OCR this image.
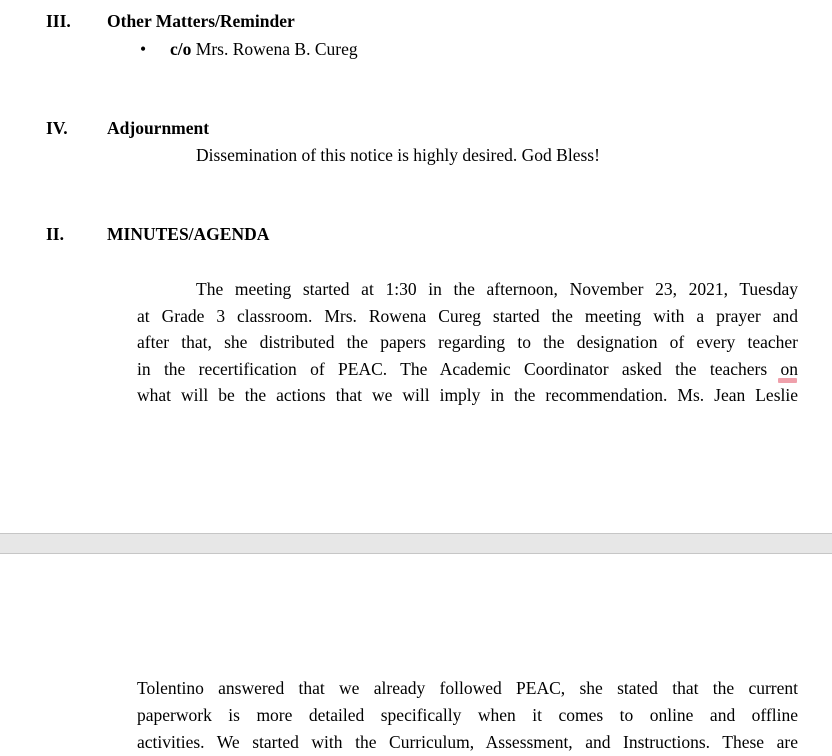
III. Other Matters/Reminder
• c/o Mrs. Rowena B. Cureg
IV. Adjournment
Dissemination of this notice is highly desired. God Bless!
II. MINUTES/AGENDA
The meeting started at 1:30 in the afternoon, November 23, 2021, Tuesday
at Grade 3 classroom. Mrs. Rowena Cureg started the meeting with a prayer and
after that, she distributed the papers regarding to the designation of every teacher
in the recertification of PEAC. The Academic Coordinator asked the teachers on
what will be the actions that we will imply in the recommendation. Ms. Jean Leslie
Tolentino answered that we already followed PEAC, she stated that the current
paperwork is more detailed specifically when it comes to online and offline
activities. We started with the Curriculum, Assessment, and Instructions. These are
